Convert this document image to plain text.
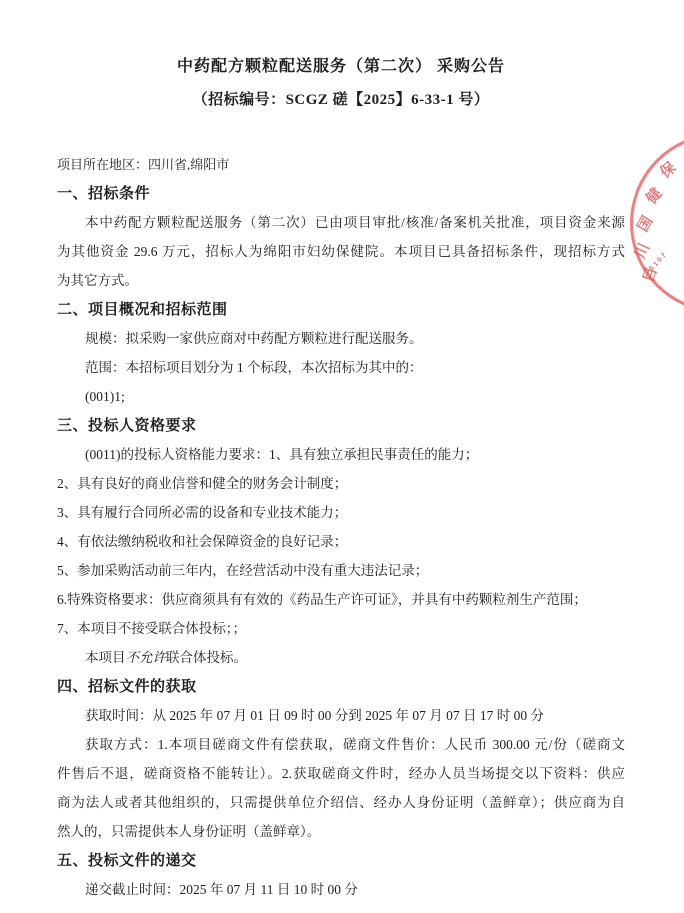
中药配方颗粒配送服务（第二次） 采购公告
（招标编号：SCGZ 磋【2025】6-33-1 号）
项目所在地区：四川省,绵阳市
一、招标条件
本中药配方颗粒配送服务（第二次）已由项目审批/核准/备案机关批准，项目资金来源
为其他资金 29.6 万元，招标人为绵阳市妇幼保健院。本项目已具备招标条件，现招标方式
为其它方式。
二、项目概况和招标范围
规模：拟采购一家供应商对中药配方颗粒进行配送服务。
范围：本招标项目划分为 1 个标段，本次招标为其中的：
(001)1;
三、投标人资格要求
(0011)的投标人资格能力要求：1、具有独立承担民事责任的能力；
2、具有良好的商业信誉和健全的财务会计制度；
3、具有履行合同所必需的设备和专业技术能力；
4、有依法缴纳税收和社会保障资金的良好记录；
5、参加采购活动前三年内，在经营活动中没有重大违法记录；
6.特殊资格要求：供应商须具有有效的《药品生产许可证》，并具有中药颗粒剂生产范围；
7、本项目不接受联合体投标；；
本项目不允许联合体投标。
四、招标文件的获取
获取时间：从 2025 年 07 月 01 日 09 时 00 分到 2025 年 07 月 07 日 17 时 00 分
获取方式：1.本项目磋商文件有偿获取，磋商文件售价：人民币 300.00 元/份（磋商文
件售后不退，磋商资格不能转让）。2.获取磋商文件时，经办人员当场提交以下资料：供应
商为法人或者其他组织的，只需提供单位介绍信、经办人身份证明（盖鲜章）；供应商为自
然人的，只需提供本人身份证明（盖鲜章）。
五、投标文件的递交
递交截止时间：2025 年 07 月 11 日 10 时 00 分
保
健
国
川
目
5107
